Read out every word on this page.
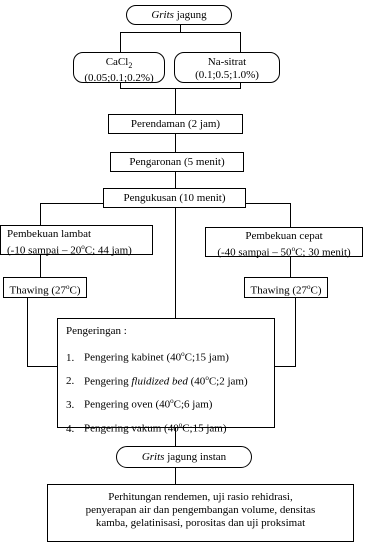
Grits jagung
CaCl$_2$
(0.05;0.1;0.2%)
Na-sitrat
(0.1;0.5;1.0%)
Perendaman (2 jam)
Pengaronan (5 menit)
Pengukusan (10 menit)
Pembekuan lambat
(-10 sampai – 20$^o$C; 44 jam)
Pembekuan cepat
(-40 sampai – 50$^o$C; 30 menit)
Thawing (27$^o$C)	Thawing (27$^o$C)
Pengeringan :
1. Pengering kabinet (40$^o$C;15 jam)
2. Pengering fluidized bed (40$^o$C;2 jam)
3. Pengering oven (40$^o$C;6 jam)
4. Pengering vakum (40$^o$C;15 jam)
Grits jagung instan
Perhitungan rendemen, uji rasio rehidrasi,
penyerapan air dan pengembangan volume, densitas
kamba, gelatinisasi, porositas dan uji proksimat
